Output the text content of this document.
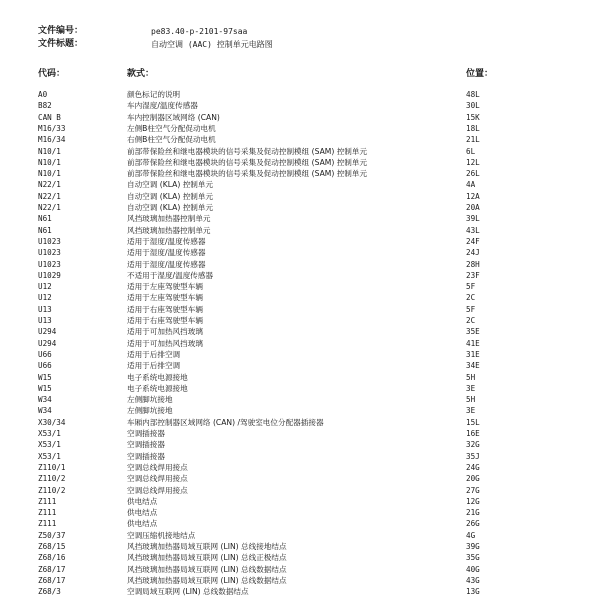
文件编号：	pe83.40-p-2101-97saa
文件标题：	自动空调 (AAC) 控制单元电路图
代码：	款式：	位置：
A0	颜色标记的说明	48L
B82	车内湿度/温度传感器	30L
CAN B	车内控制器区域网络 (CAN)	15K
M16/33	左侧B柱空气分配促动电机	18L
M16/34	右侧B柱空气分配促动电机	21L
N10/1	前部带保险丝和继电器模块的信号采集及促动控制模组 (SAM) 控制单元	6L
N10/1	前部带保险丝和继电器模块的信号采集及促动控制模组 (SAM) 控制单元	12L
N10/1	前部带保险丝和继电器模块的信号采集及促动控制模组 (SAM) 控制单元	26L
N22/1	自动空调 (KLA) 控制单元	4A
N22/1	自动空调 (KLA) 控制单元	12A
N22/1	自动空调 (KLA) 控制单元	20A
N61	风挡玻璃加热器控制单元	39L
N61	风挡玻璃加热器控制单元	43L
U1023	适用于湿度/温度传感器	24F
U1023	适用于湿度/温度传感器	24J
U1023	适用于湿度/温度传感器	28H
U1029	不适用于湿度/温度传感器	23F
U12	适用于左座驾驶型车辆	5F
U12	适用于左座驾驶型车辆	2C
U13	适用于右座驾驶型车辆	5F
U13	适用于右座驾驶型车辆	2C
U294	适用于可加热风挡玻璃	35E
U294	适用于可加热风挡玻璃	41E
U66	适用于后排空调	31E
U66	适用于后排空调	34E
W15	电子系统电源接地	5H
W15	电子系统电源接地	3E
W34	左侧脚坑接地	5H
W34	左侧脚坑接地	3E
X30/34	车厢内部控制器区域网络 (CAN) /驾驶室电位分配器插接器	15L
X53/1	空调插接器	16E
X53/1	空调插接器	32G
X53/1	空调插接器	35J
Z110/1	空调总线焊用接点	24G
Z110/2	空调总线焊用接点	20G
Z110/2	空调总线焊用接点	27G
Z111	供电结点	12G
Z111	供电结点	21G
Z111	供电结点	26G
Z50/37	空调压缩机接地结点	4G
Z68/15	风挡玻璃加热器局域互联网 (LIN) 总线接地结点	39G
Z68/16	风挡玻璃加热器局域互联网 (LIN) 总线正极结点	35G
Z68/17	风挡玻璃加热器局域互联网 (LIN) 总线数据结点	40G
Z68/17	风挡玻璃加热器局域互联网 (LIN) 总线数据结点	43G
Z68/3	空调局域互联网 (LIN) 总线数据结点	13G
